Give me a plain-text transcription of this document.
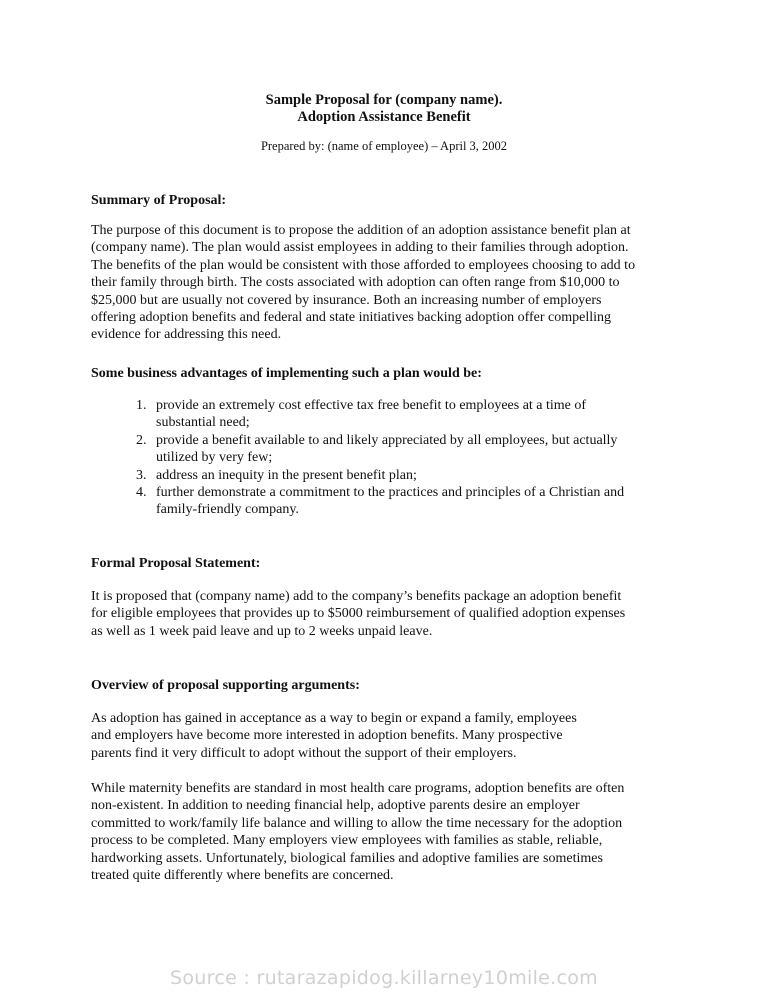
Sample Proposal for (company name).

Adoption Assistance Benefit

Prepared by: (name of employee) – April 3, 2002

Summary of Proposal:

The purpose of this document is to propose the addition of an adoption assistance benefit plan at
(company name). The plan would assist employees in adding to their families through adoption.
The benefits of the plan would be consistent with those afforded to employees choosing to add to
their family through birth. The costs associated with adoption can often range from $10,000 to
$25,000 but are usually not covered by insurance. Both an increasing number of employers
offering adoption benefits and federal and state initiatives backing adoption offer compelling
evidence for addressing this need.

Some business advantages of implementing such a plan would be:

1. provide an extremely cost effective tax free benefit to employees at a time of
substantial need;
2. provide a benefit available to and likely appreciated by all employees, but actually
utilized by very few;
3. address an inequity in the present benefit plan;
4. further demonstrate a commitment to the practices and principles of a Christian and
family-friendly company.

Formal Proposal Statement:

It is proposed that (company name) add to the company’s benefits package an adoption benefit
for eligible employees that provides up to $5000 reimbursement of qualified adoption expenses
as well as 1 week paid leave and up to 2 weeks unpaid leave.

Overview of proposal supporting arguments:

As adoption has gained in acceptance as a way to begin or expand a family, employees
and employers have become more interested in adoption benefits. Many prospective
parents find it very difficult to adopt without the support of their employers.
While maternity benefits are standard in most health care programs, adoption benefits are often
non-existent. In addition to needing financial help, adoptive parents desire an employer
committed to work/family life balance and willing to allow the time necessary for the adoption
process to be completed. Many employers view employees with families as stable, reliable,
hardworking assets. Unfortunately, biological families and adoptive families are sometimes
treated quite differently where benefits are concerned.

Source : rutarazapidog.killarney10mile.com
